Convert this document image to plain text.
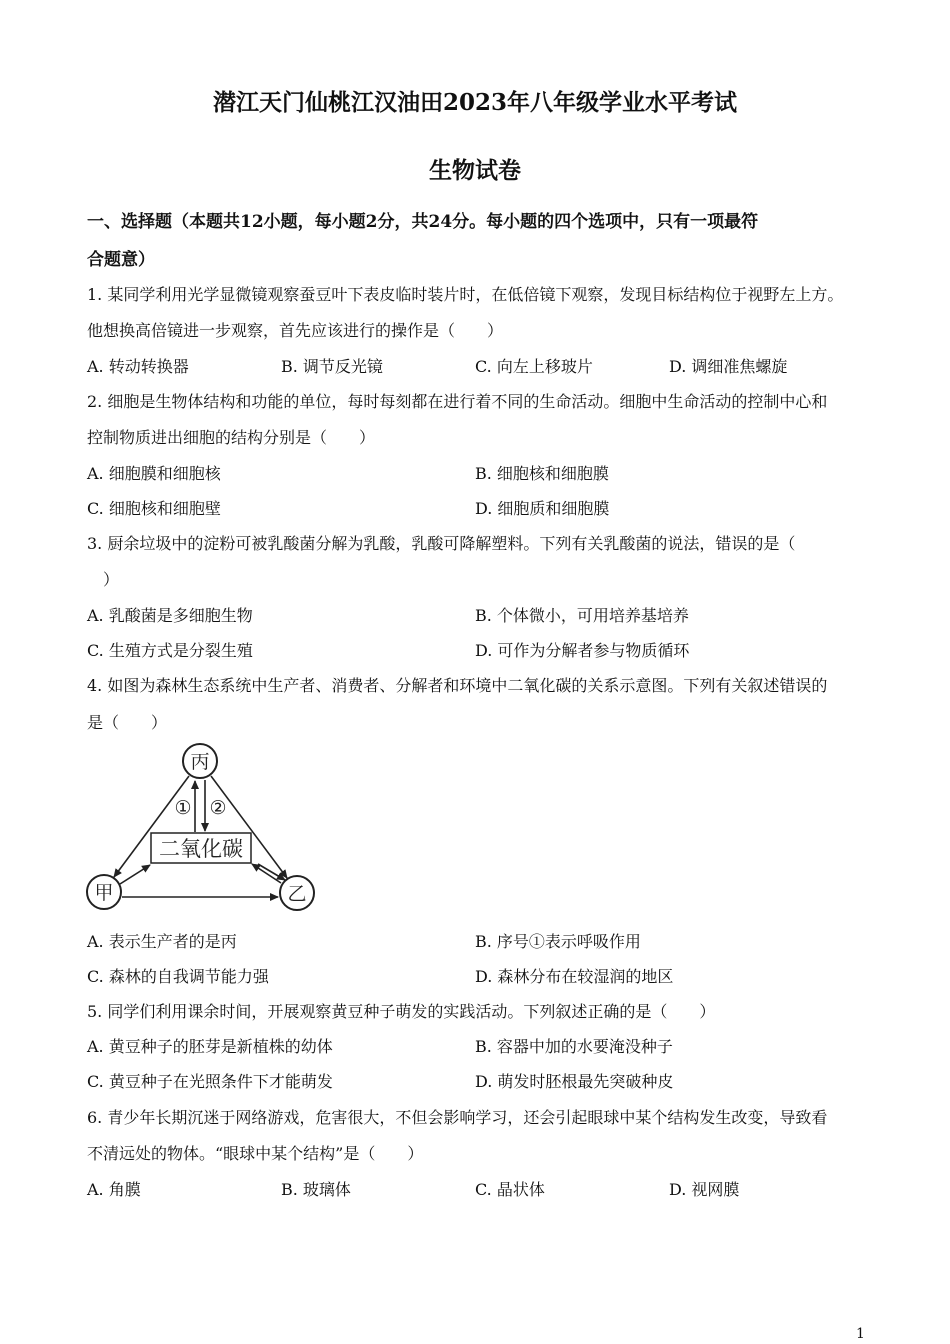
潜江天门仙桃江汉油田2023年八年级学业水平考试
生物试卷
一、选择题（本题共12小题，每小题2分，共24分。每小题的四个选项中，只有一项最符
合题意）
1. 某同学利用光学显微镜观察蚕豆叶下表皮临时装片时，在低倍镜下观察，发现目标结构位于视野左上方。
他想换高倍镜进一步观察，首先应该进行的操作是（　　）
A. 转动转换器	B. 调节反光镜	C. 向左上移玻片	D. 调细准焦螺旋
2. 细胞是生物体结构和功能的单位，每时每刻都在进行着不同的生命活动。细胞中生命活动的控制中心和
控制物质进出细胞的结构分别是（　　）
A. 细胞膜和细胞核	B. 细胞核和细胞膜
C. 细胞核和细胞壁	D. 细胞质和细胞膜
3. 厨余垃圾中的淀粉可被乳酸菌分解为乳酸，乳酸可降解塑料。下列有关乳酸菌的说法，错误的是（
）
A. 乳酸菌是多细胞生物	B. 个体微小，可用培养基培养
C. 生殖方式是分裂生殖	D. 可作为分解者参与物质循环
4. 如图为森林生态系统中生产者、消费者、分解者和环境中二氧化碳的关系示意图。下列有关叙述错误的
是（　　）
丙
甲	乙
二氧化碳
① ②
A. 表示生产者的是丙	B. 序号①表示呼吸作用
C. 森林的自我调节能力强	D. 森林分布在较湿润的地区
5. 同学们利用课余时间，开展观察黄豆种子萌发的实践活动。下列叙述正确的是（　　）
A. 黄豆种子的胚芽是新植株的幼体	B. 容器中加的水要淹没种子
C. 黄豆种子在光照条件下才能萌发	D. 萌发时胚根最先突破种皮
6. 青少年长期沉迷于网络游戏，危害很大，不但会影响学习，还会引起眼球中某个结构发生改变，导致看
不清远处的物体。“眼球中某个结构”是（　　）
A. 角膜	B. 玻璃体	C. 晶状体	D. 视网膜
1
